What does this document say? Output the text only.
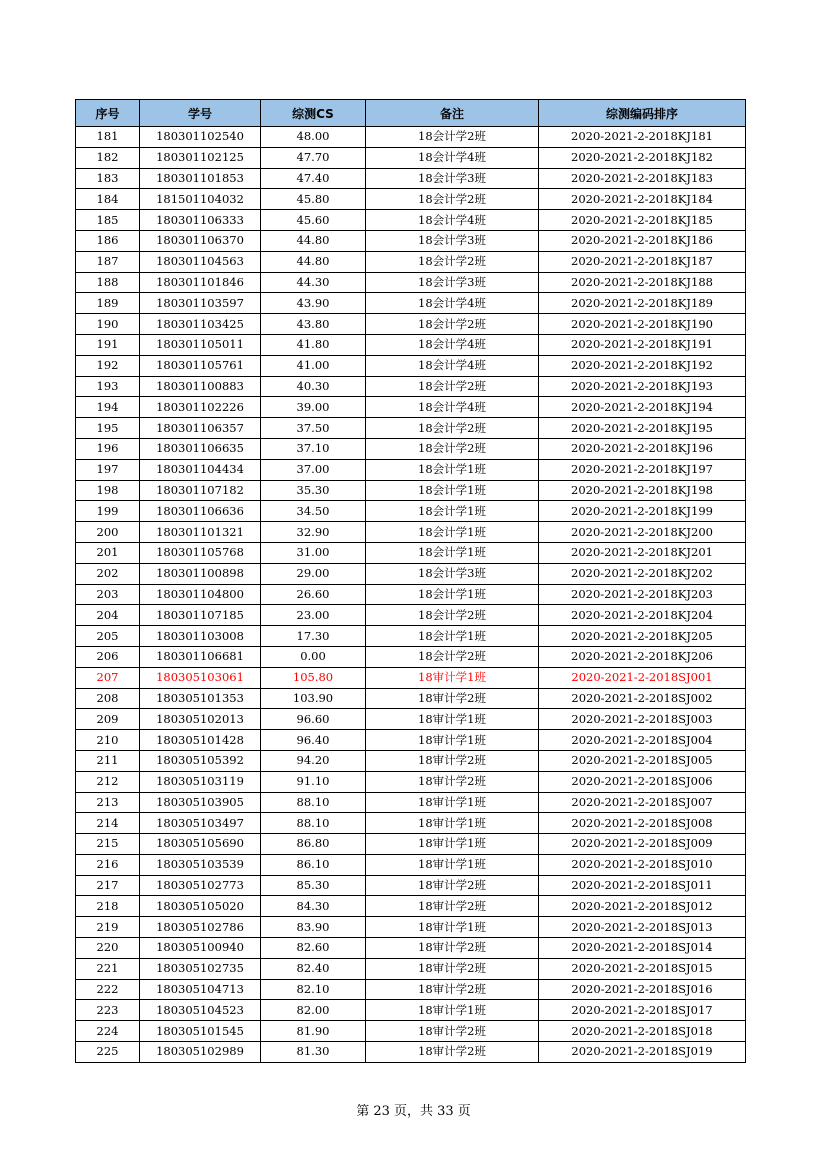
序号	学号	综测CS	备注	综测编码排序
181	180301102540	48.00	18会计学2班	2020-2021-2-2018KJ181
182	180301102125	47.70	18会计学4班	2020-2021-2-2018KJ182
183	180301101853	47.40	18会计学3班	2020-2021-2-2018KJ183
184	181501104032	45.80	18会计学2班	2020-2021-2-2018KJ184
185	180301106333	45.60	18会计学4班	2020-2021-2-2018KJ185
186	180301106370	44.80	18会计学3班	2020-2021-2-2018KJ186
187	180301104563	44.80	18会计学2班	2020-2021-2-2018KJ187
188	180301101846	44.30	18会计学3班	2020-2021-2-2018KJ188
189	180301103597	43.90	18会计学4班	2020-2021-2-2018KJ189
190	180301103425	43.80	18会计学2班	2020-2021-2-2018KJ190
191	180301105011	41.80	18会计学4班	2020-2021-2-2018KJ191
192	180301105761	41.00	18会计学4班	2020-2021-2-2018KJ192
193	180301100883	40.30	18会计学2班	2020-2021-2-2018KJ193
194	180301102226	39.00	18会计学4班	2020-2021-2-2018KJ194
195	180301106357	37.50	18会计学2班	2020-2021-2-2018KJ195
196	180301106635	37.10	18会计学2班	2020-2021-2-2018KJ196
197	180301104434	37.00	18会计学1班	2020-2021-2-2018KJ197
198	180301107182	35.30	18会计学1班	2020-2021-2-2018KJ198
199	180301106636	34.50	18会计学1班	2020-2021-2-2018KJ199
200	180301101321	32.90	18会计学1班	2020-2021-2-2018KJ200
201	180301105768	31.00	18会计学1班	2020-2021-2-2018KJ201
202	180301100898	29.00	18会计学3班	2020-2021-2-2018KJ202
203	180301104800	26.60	18会计学1班	2020-2021-2-2018KJ203
204	180301107185	23.00	18会计学2班	2020-2021-2-2018KJ204
205	180301103008	17.30	18会计学1班	2020-2021-2-2018KJ205
206	180301106681	0.00	18会计学2班	2020-2021-2-2018KJ206
207	180305103061	105.80	18审计学1班	2020-2021-2-2018SJ001
208	180305101353	103.90	18审计学2班	2020-2021-2-2018SJ002
209	180305102013	96.60	18审计学1班	2020-2021-2-2018SJ003
210	180305101428	96.40	18审计学1班	2020-2021-2-2018SJ004
211	180305105392	94.20	18审计学2班	2020-2021-2-2018SJ005
212	180305103119	91.10	18审计学2班	2020-2021-2-2018SJ006
213	180305103905	88.10	18审计学1班	2020-2021-2-2018SJ007
214	180305103497	88.10	18审计学1班	2020-2021-2-2018SJ008
215	180305105690	86.80	18审计学1班	2020-2021-2-2018SJ009
216	180305103539	86.10	18审计学1班	2020-2021-2-2018SJ010
217	180305102773	85.30	18审计学2班	2020-2021-2-2018SJ011
218	180305105020	84.30	18审计学2班	2020-2021-2-2018SJ012
219	180305102786	83.90	18审计学1班	2020-2021-2-2018SJ013
220	180305100940	82.60	18审计学2班	2020-2021-2-2018SJ014
221	180305102735	82.40	18审计学2班	2020-2021-2-2018SJ015
222	180305104713	82.10	18审计学2班	2020-2021-2-2018SJ016
223	180305104523	82.00	18审计学1班	2020-2021-2-2018SJ017
224	180305101545	81.90	18审计学2班	2020-2021-2-2018SJ018
225	180305102989	81.30	18审计学2班	2020-2021-2-2018SJ019
第 23 页，共 33 页
